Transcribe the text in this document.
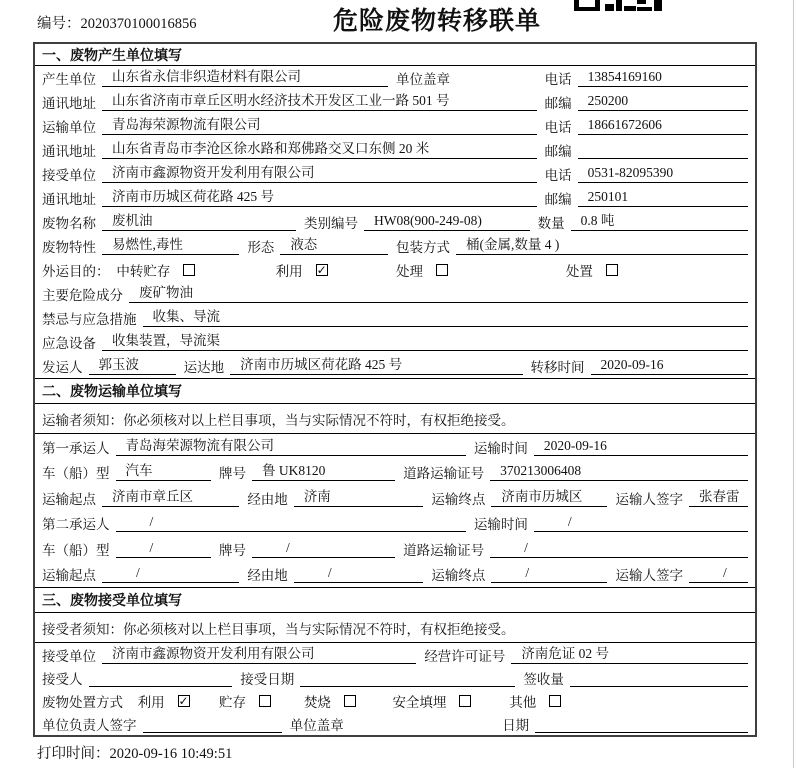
编号：2020370100016856	危险废物转移联单
一、废物产生单位填写
产生单位	山东省永信非织造材料有限公司	单位盖章	电话	13854169160
通讯地址	山东省济南市章丘区明水经济技术开发区工业一路 501 号	邮编	250200
运输单位	青岛海荣源物流有限公司	电话	18661672606
通讯地址	山东省青岛市李沧区徐水路和郑佛路交叉口东侧 20 米	邮编
接受单位	济南市鑫源物资开发利用有限公司	电话	0531-82095390
通讯地址	济南市历城区荷花路 425 号	邮编	250101
废物名称	废机油	类别编号	HW08(900-249-08)	数量	0.8 吨
废物特性	易燃性,毒性	形态	液态	包装方式	桶(金属,数量 4 )
外运目的： 中转贮存	利用 ✓	处理	处置
主要危险成分	废矿物油
禁忌与应急措施	收集、导流
应急设备	收集装置，导流渠
发运人	郭玉波	运达地	济南市历城区荷花路 425 号	转移时间	2020-09-16
二、废物运输单位填写
运输者须知：你必须核对以上栏目事项，当与实际情况不符时，有权拒绝接受。
第一承运人	青岛海荣源物流有限公司	运输时间	2020-09-16
车（船）型	汽车	牌号	鲁 UK8120	道路运输证号	370213006408
运输起点	济南市章丘区	经由地	济南	运输终点	济南市历城区	运输人签字	张春雷
第二承运人	/	运输时间	/
车（船）型	/	牌号	/	道路运输证号	/
运输起点	/	经由地	/	运输终点	/	运输人签字	/
三、废物接受单位填写
接受者须知：你必须核对以上栏目事项，当与实际情况不符时，有权拒绝接受。
接受单位	济南市鑫源物资开发利用有限公司	经营许可证号	济南危证 02 号
接受人	接受日期	签收量
废物处置方式 利用 ✓ 贮存	焚烧	安全填埋	其他
单位负责人签字	单位盖章	日期
打印时间：2020-09-16 10:49:51
